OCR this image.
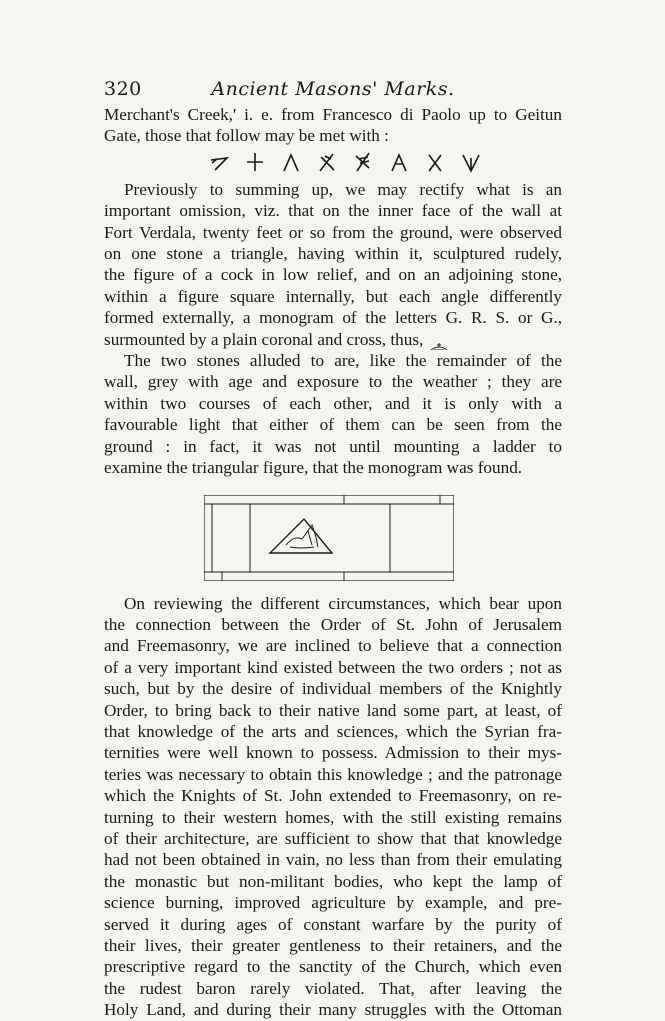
320	Ancient Masons' Marks.

Merchant's Creek,' i. e. from Francesco di Paolo up to Geitun
Gate, those that follow may be met with :

Previously to summing up, we may rectify what is an
important omission, viz. that on the inner face of the wall at
Fort Verdala, twenty feet or so from the ground, were observed
on one stone a triangle, having within it, sculptured rudely,
the figure of a cock in low relief, and on an adjoining stone,
within a figure square internally, but each angle differently
formed externally, a monogram of the letters G. R. S. or G.,
surmounted by a plain coronal and cross, thus,

The two stones alluded to are, like the remainder of the
wall, grey with age and exposure to the weather ; they are
within two courses of each other, and it is only with a
favourable light that either of them can be seen from the
ground : in fact, it was not until mounting a ladder to
examine the triangular figure, that the monogram was found.

On reviewing the different circumstances, which bear upon
the connection between the Order of St. John of Jerusalem
and Freemasonry, we are inclined to believe that a connection
of a very important kind existed between the two orders ; not as
such, but by the desire of individual members of the Knightly
Order, to bring back to their native land some part, at least, of
that knowledge of the arts and sciences, which the Syrian fra-
ternities were well known to possess. Admission to their mys-
teries was necessary to obtain this knowledge ; and the patronage
which the Knights of St. John extended to Freemasonry, on re-
turning to their western homes, with the still existing remains
of their architecture, are sufficient to show that that knowledge
had not been obtained in vain, no less than from their emulating
the monastic but non-militant bodies, who kept the lamp of
science burning, improved agriculture by example, and pre-
served it during ages of constant warfare by the purity of
their lives, their greater gentleness to their retainers, and the
prescriptive regard to the sanctity of the Church, which even
the rudest baron rarely violated. That, after leaving the
Holy Land, and during their many struggles with the Ottoman
